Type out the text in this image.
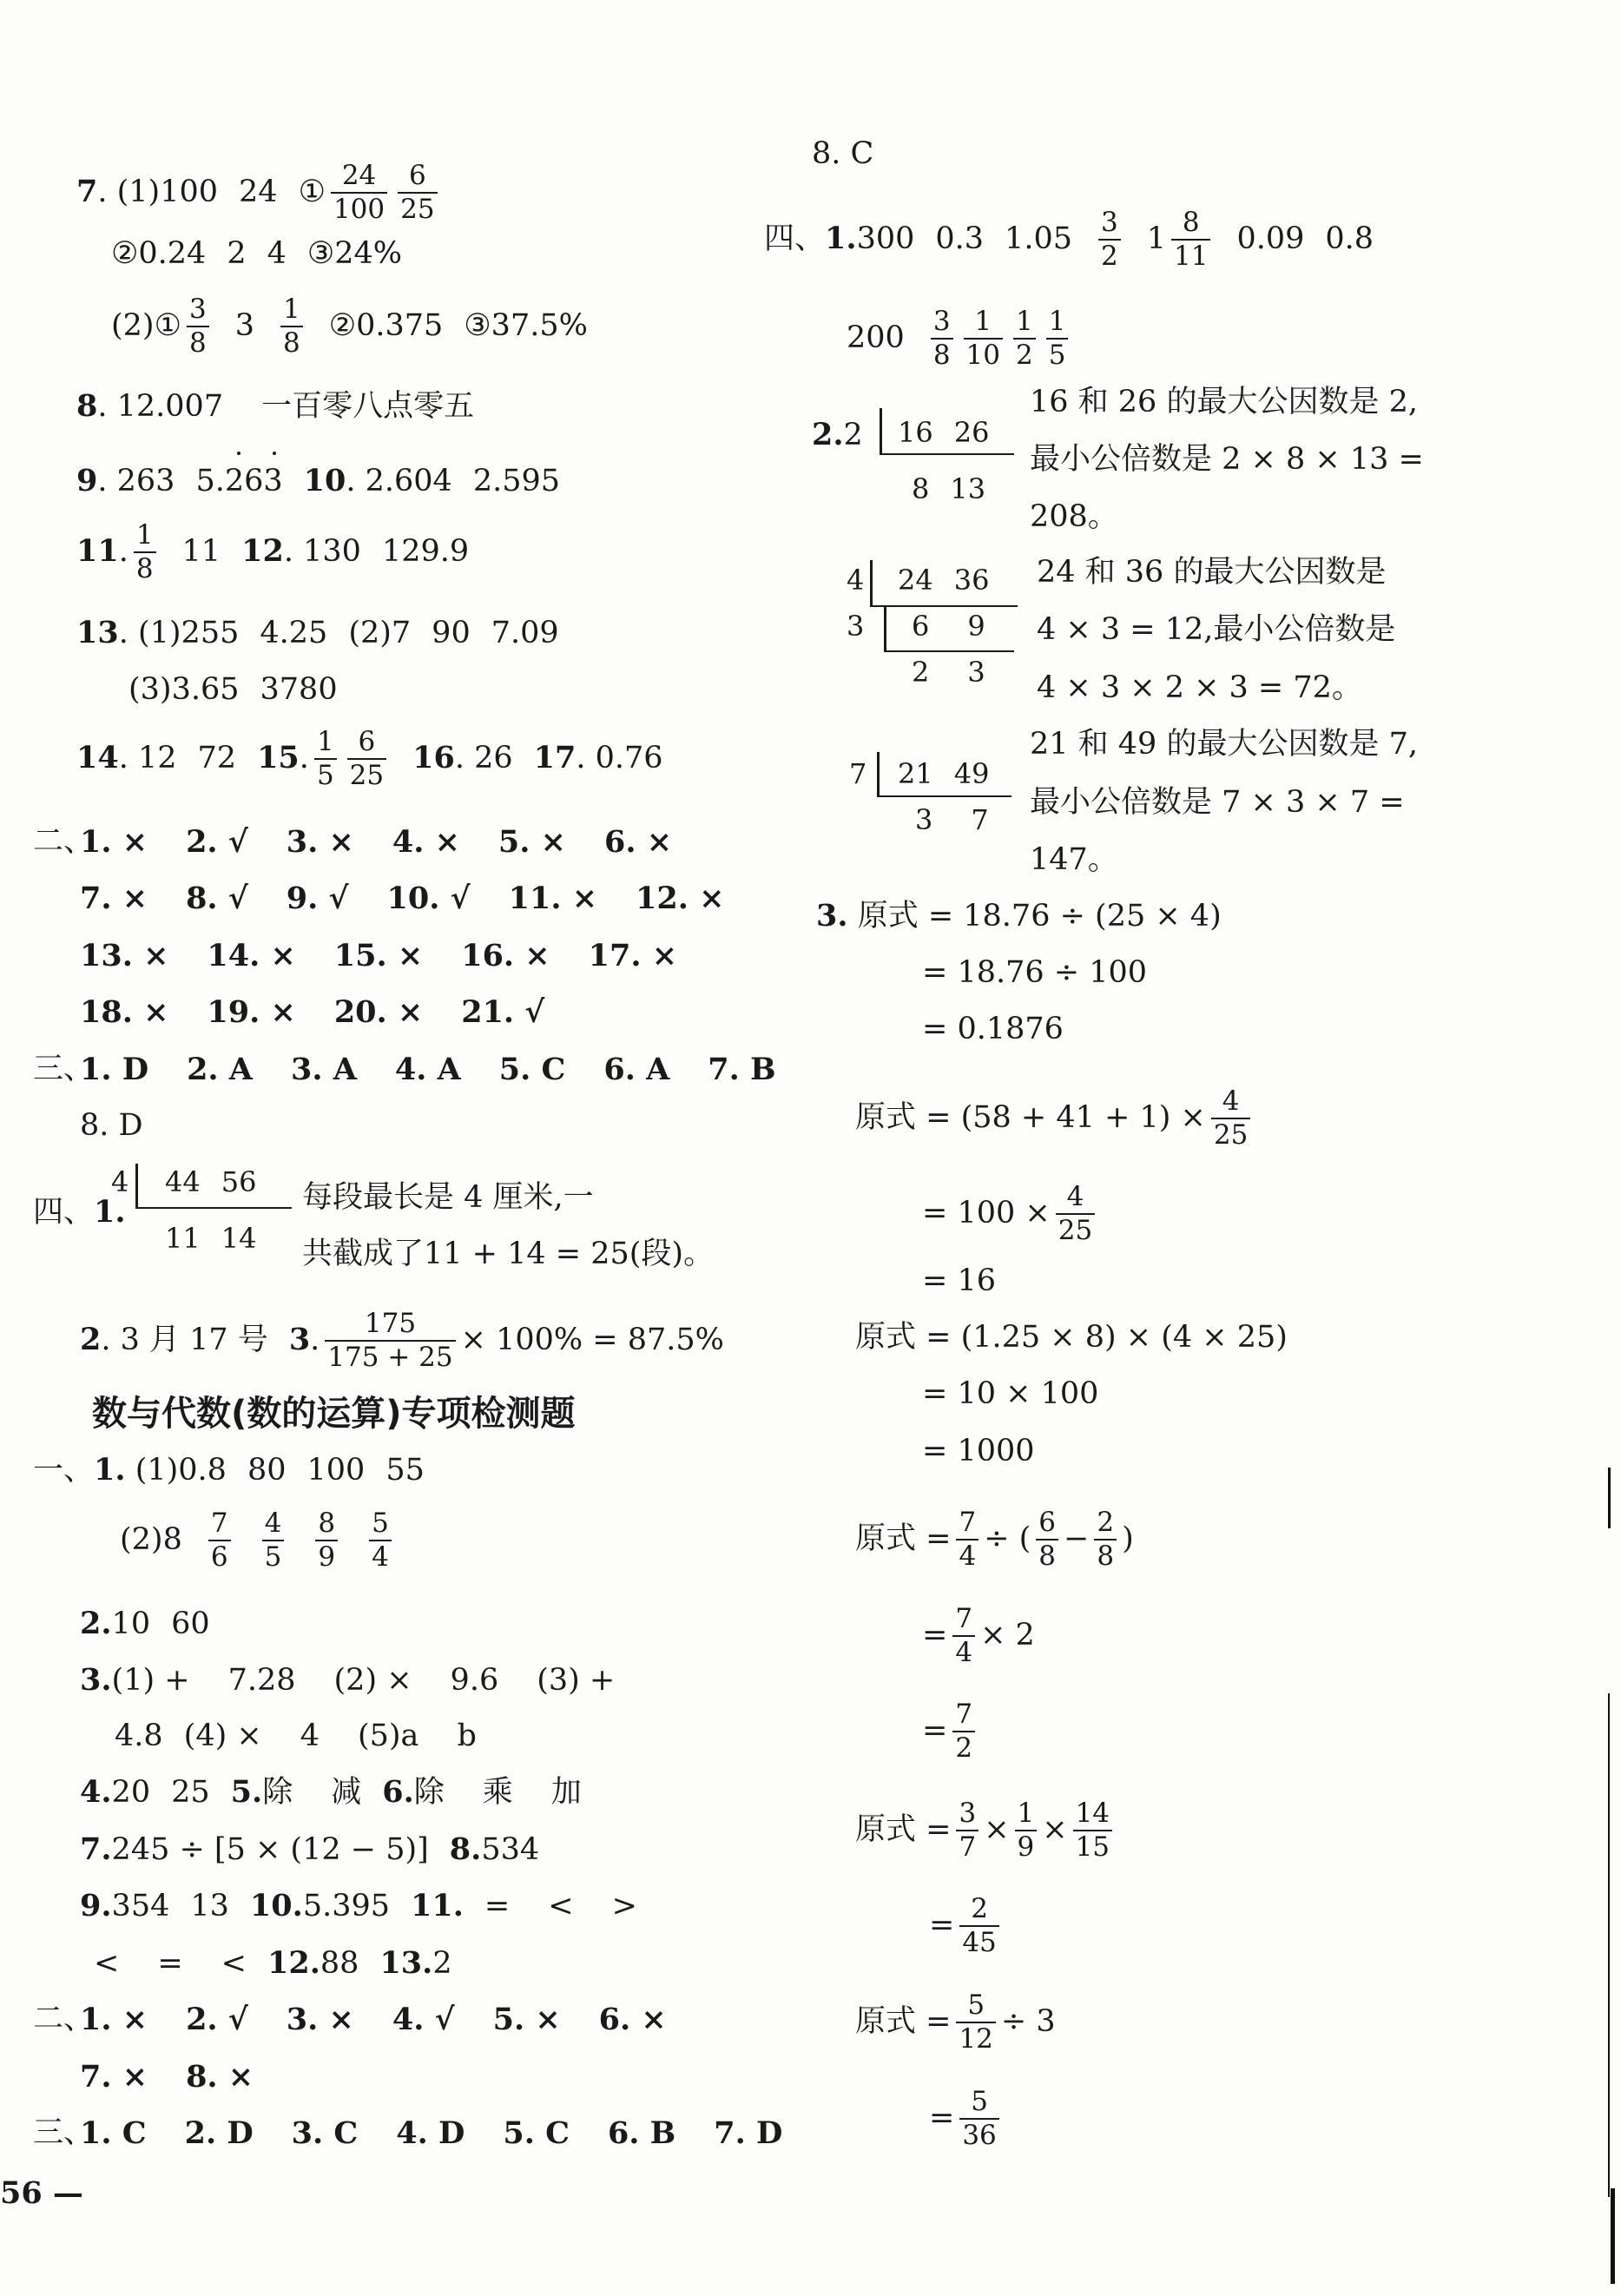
7. (1)100 24 ① $\frac{24}{100} \frac{6}{25}$
②0.24 2 4 ③24%
(2)① $\frac{3}{8} 3 \frac{1}{8}$ ②0.375 ③37.5%
8. 12.007 一百零八点零五
9. 263 5.263 10. 2.604 2.595
11. $\frac{1}{8} 11$ 12. 130 129.9
13. (1)255 4.25 (2)7 90 7.09
(3)3.65 3780
14. 12 72 15. $\frac{1}{5} \frac{6}{25} 16$. 26 17. 0.76
二、
1. × 2. √ 3. × 4. × 5. × 6. ×
7. × 8. √ 9. √ 10. √ 11. × 12. ×
13. × 14. × 15. × 16. × 17. ×
18. × 19. × 20. × 21. √
三、
1. D 2. A 3. A 4. A 5. C 6. A 7. B
8. D
四、1.
4 44 56
11 14
每段最长是 4 厘米,一
共截成了11 + 14 = 25(段)。
2. 3 月 17 号 3. $\frac{175}{175 + 25} \times 100\% = 87.5\%$
数与代数(数的运算)专项检测题
一、1. (1)0.8 80 100 55
$(2)8 \frac{7}{6} \frac{4}{5} \frac{8}{9} \frac{5}{4}$
2.10 60
3.(1) + 7.28 (2) × 9.6 (3) +
4.8 (4) × 4 (5)a b
4.20 25 5.除 减 6.除 乘 加
7.245 ÷ [5 × (12 − 5)] 8.534
9.354 13 10.5.395 11. = < >
< = < 12.88 13.2
二、
1. × 2. √ 3. × 4. √ 5. × 6. ×
7. × 8. ×
三、
1. C 2. D 3. C 4. D 5. C 6. B 7. D
56 —
8. C
四、1.300 0.3 $1.05 \frac{3}{2} 1 \frac{8}{11} 0.09$ 0.8
$200 \frac{3}{8} \frac{1}{10} \frac{1}{2} \frac{1}{5}$
2.2 16 26
8 13
16 和 26 的最大公因数是 2,
最小公倍数是 2 × 8 × 13 =
208。
4
3
24 36
6 9
2 3
24 和 36 的最大公因数是
4 × 3 = 12,最小公倍数是
4 × 3 × 2 × 3 = 72。
7 21 49
3 7
21 和 49 的最大公因数是 7,
最小公倍数是 7 × 3 × 7 =
147。
3. 原式 = 18.76 ÷ (25 × 4)
= 18.76 ÷ 100
= 0.1876
原式 = $(58 + 41 + 1) \times \frac{4}{25}$
= $100 \times \frac{4}{25}$
= 16
原式 = (1.25 × 8) × (4 × 25)
= 10 × 100
= 1000
原式 = $\frac{7}{4}$ ÷ ( $\frac{6}{8} - \frac{2}{8}$ )
= $\frac{7}{4} \times 2$
= $\frac{7}{2}$
原式 = $\frac{3}{7} \times \frac{1}{9} \times \frac{14}{15}$
= $\frac{2}{45}$
原式 = $\frac{5}{12} \div 3$
= $\frac{5}{36}$
